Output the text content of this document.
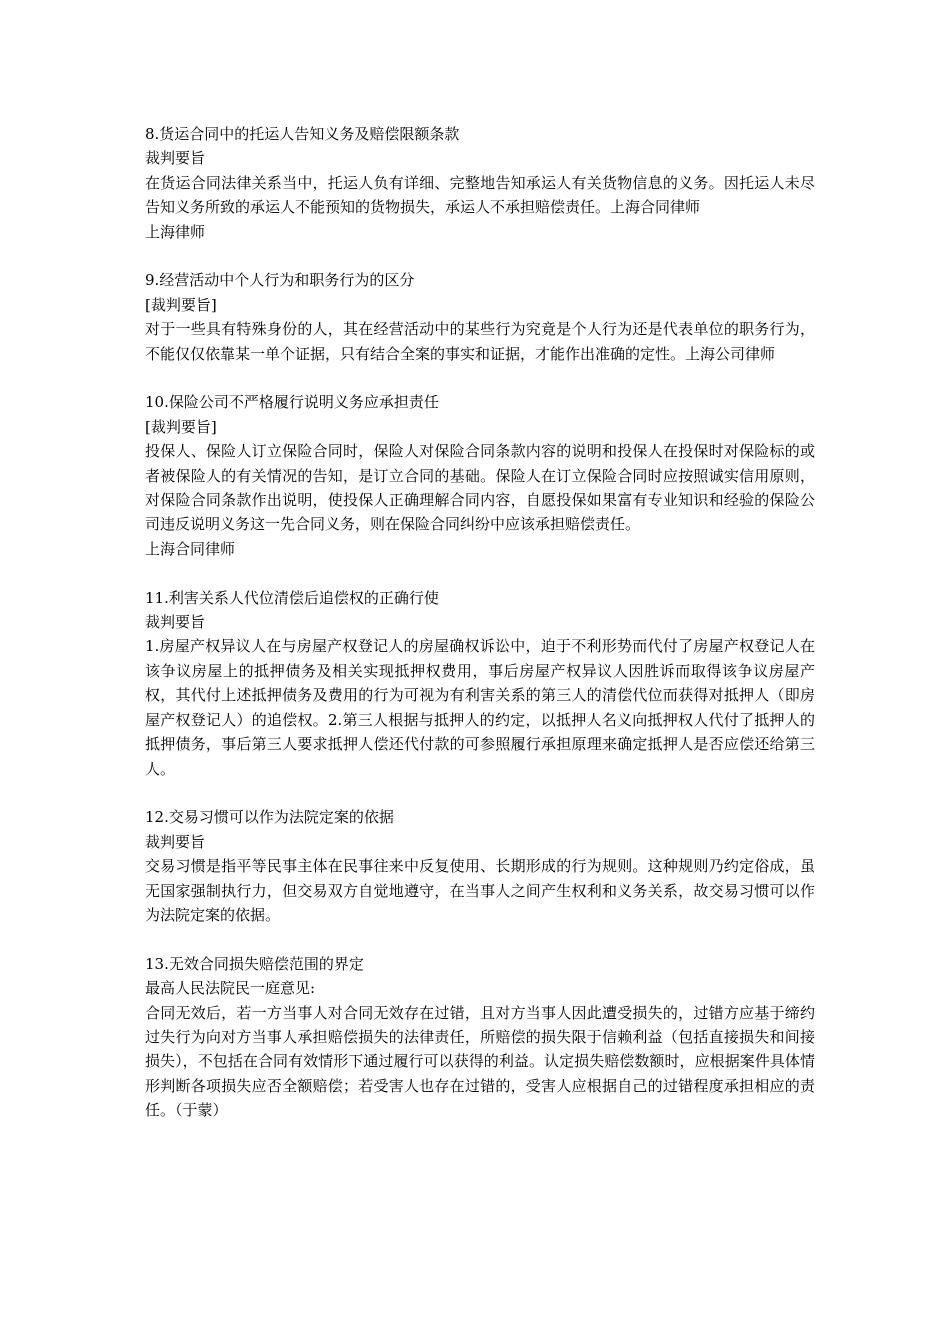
8.货运合同中的托运人告知义务及赔偿限额条款
裁判要旨
在货运合同法律关系当中，托运人负有详细、完整地告知承运人有关货物信息的义务。因托运人未尽告知义务所致的承运人不能预知的货物损失，承运人不承担赔偿责任。上海合同律师
上海律师
9.经营活动中个人行为和职务行为的区分
[裁判要旨]
对于一些具有特殊身份的人，其在经营活动中的某些行为究竟是个人行为还是代表单位的职务行为，不能仅仅依靠某一单个证据，只有结合全案的事实和证据，才能作出准确的定性。上海公司律师
10.保险公司不严格履行说明义务应承担责任
[裁判要旨]
投保人、保险人订立保险合同时，保险人对保险合同条款内容的说明和投保人在投保时对保险标的或者被保险人的有关情况的告知，是订立合同的基础。保险人在订立保险合同时应按照诚实信用原则，对保险合同条款作出说明，使投保人正确理解合同内容，自愿投保如果富有专业知识和经验的保险公司违反说明义务这一先合同义务，则在保险合同纠纷中应该承担赔偿责任。
上海合同律师
11.利害关系人代位清偿后追偿权的正确行使
裁判要旨
1.房屋产权异议人在与房屋产权登记人的房屋确权诉讼中，迫于不利形势而代付了房屋产权登记人在该争议房屋上的抵押债务及相关实现抵押权费用，事后房屋产权异议人因胜诉而取得该争议房屋产权，其代付上述抵押债务及费用的行为可视为有利害关系的第三人的清偿代位而获得对抵押人（即房屋产权登记人）的追偿权。2.第三人根据与抵押人的约定，以抵押人名义向抵押权人代付了抵押人的抵押债务，事后第三人要求抵押人偿还代付款的可参照履行承担原理来确定抵押人是否应偿还给第三人。
12.交易习惯可以作为法院定案的依据
裁判要旨
交易习惯是指平等民事主体在民事往来中反复使用、长期形成的行为规则。这种规则乃约定俗成，虽无国家强制执行力，但交易双方自觉地遵守，在当事人之间产生权利和义务关系，故交易习惯可以作为法院定案的依据。
13.无效合同损失赔偿范围的界定
最高人民法院民一庭意见:
合同无效后，若一方当事人对合同无效存在过错，且对方当事人因此遭受损失的，过错方应基于缔约过失行为向对方当事人承担赔偿损失的法律责任，所赔偿的损失限于信赖利益（包括直接损失和间接损失），不包括在合同有效情形下通过履行可以获得的利益。认定损失赔偿数额时，应根据案件具体情形判断各项损失应否全额赔偿；若受害人也存在过错的，受害人应根据自己的过错程度承担相应的责任。（于蒙）
